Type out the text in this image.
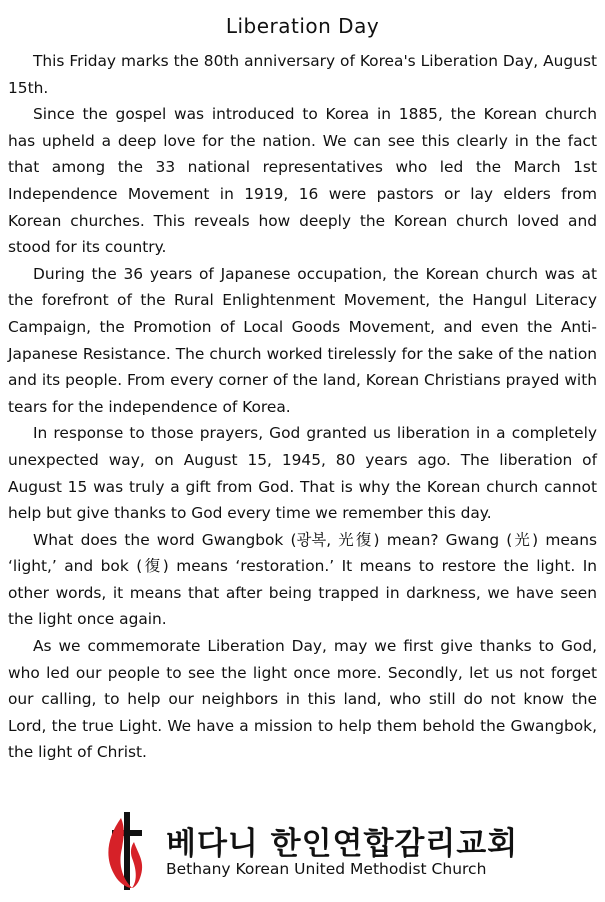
Liberation Day

This Friday marks the 80th anniversary of Korea's Liberation Day, August 15th.

Since the gospel was introduced to Korea in 1885, the Korean church has upheld a deep love for the nation. We can see this clearly in the fact that among the 33 national representatives who led the March 1st Independence Movement in 1919, 16 were pastors or lay elders from Korean churches. This reveals how deeply the Korean church loved and stood for its country.

During the 36 years of Japanese occupation, the Korean church was at the forefront of the Rural Enlightenment Movement, the Hangul Literacy Campaign, the Promotion of Local Goods Movement, and even the Anti-Japanese Resistance. The church worked tirelessly for the sake of the nation and its people. From every corner of the land, Korean Christians prayed with tears for the independence of Korea.

In response to those prayers, God granted us liberation in a completely unexpected way, on August 15, 1945, 80 years ago. The liberation of August 15 was truly a gift from God. That is why the Korean church cannot help but give thanks to God every time we remember this day.

What does the word Gwangbok (광복, 光復) mean? Gwang (光) means ‘light,’ and bok (復) means ‘restoration.’ It means to restore the light. In other words, it means that after being trapped in darkness, we have seen the light once again.

As we commemorate Liberation Day, may we first give thanks to God, who led our people to see the light once more. Secondly, let us not forget our calling, to help our neighbors in this land, who still do not know the Lord, the true Light. We have a mission to help them behold the Gwangbok, the light of Christ.

베다니 한인연합감리교회
Bethany Korean United Methodist Church
